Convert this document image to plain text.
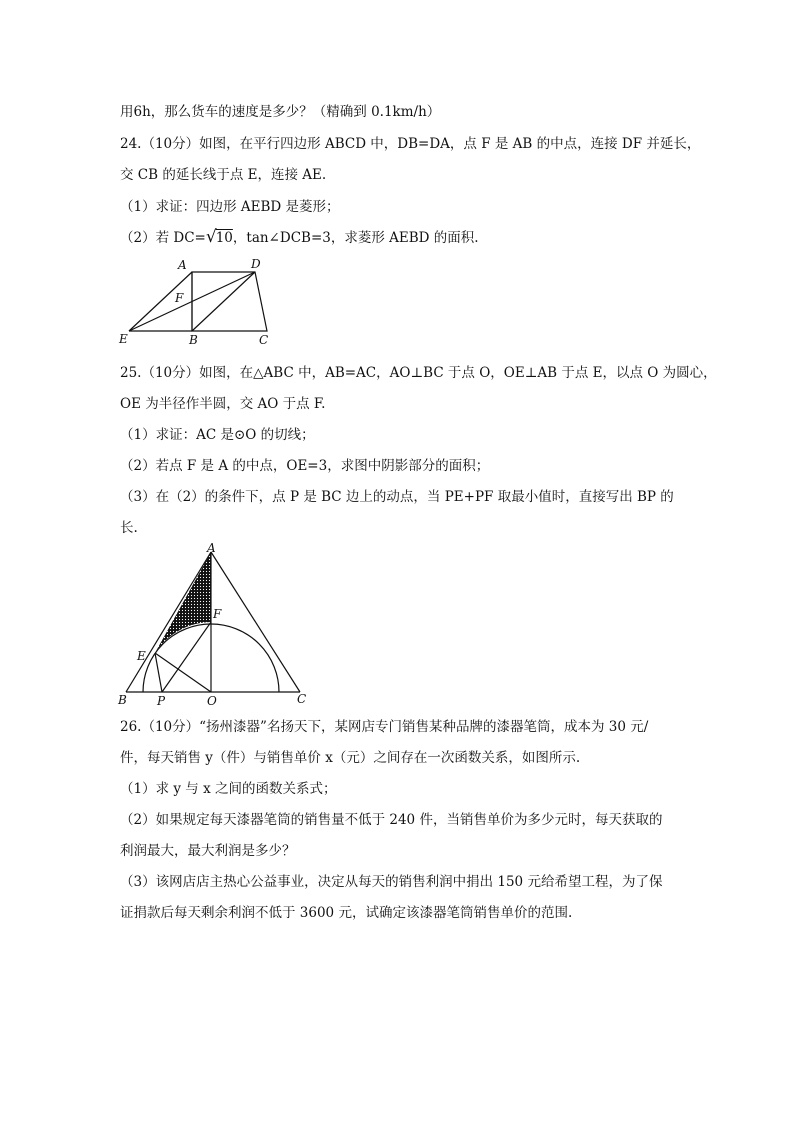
用6h，那么货车的速度是多少？（精确到 0.1km/h）
24.（10分）如图，在平行四边形 ABCD 中，DB=DA，点 F 是 AB 的中点，连接 DF 并延长，
交 CB 的延长线于点 E，连接 AE.
（1）求证：四边形 AEBD 是菱形；
（2）若 DC=√10，tan∠DCB=3，求菱形 AEBD 的面积.
A	D
F
E	B	C
25.（10分）如图，在△ABC 中，AB=AC，AO⊥BC 于点 O，OE⊥AB 于点 E，以点 O 为圆心，
OE 为半径作半圆，交 AO 于点 F.
（1）求证：AC 是⊙O 的切线；
（2）若点 F 是 A 的中点，OE=3，求图中阴影部分的面积；
（3）在（2）的条件下，点 P 是 BC 边上的动点，当 PE+PF 取最小值时，直接写出 BP 的
长.
A
F
E
B	P	O	C
26.（10分）“扬州漆器”名扬天下，某网店专门销售某种品牌的漆器笔筒，成本为 30 元/
件，每天销售 y（件）与销售单价 x（元）之间存在一次函数关系，如图所示.
（1）求 y 与 x 之间的函数关系式；
（2）如果规定每天漆器笔筒的销售量不低于 240 件，当销售单价为多少元时，每天获取的
利润最大，最大利润是多少？
（3）该网店店主热心公益事业，决定从每天的销售利润中捐出 150 元给希望工程，为了保
证捐款后每天剩余利润不低于 3600 元，试确定该漆器笔筒销售单价的范围.
